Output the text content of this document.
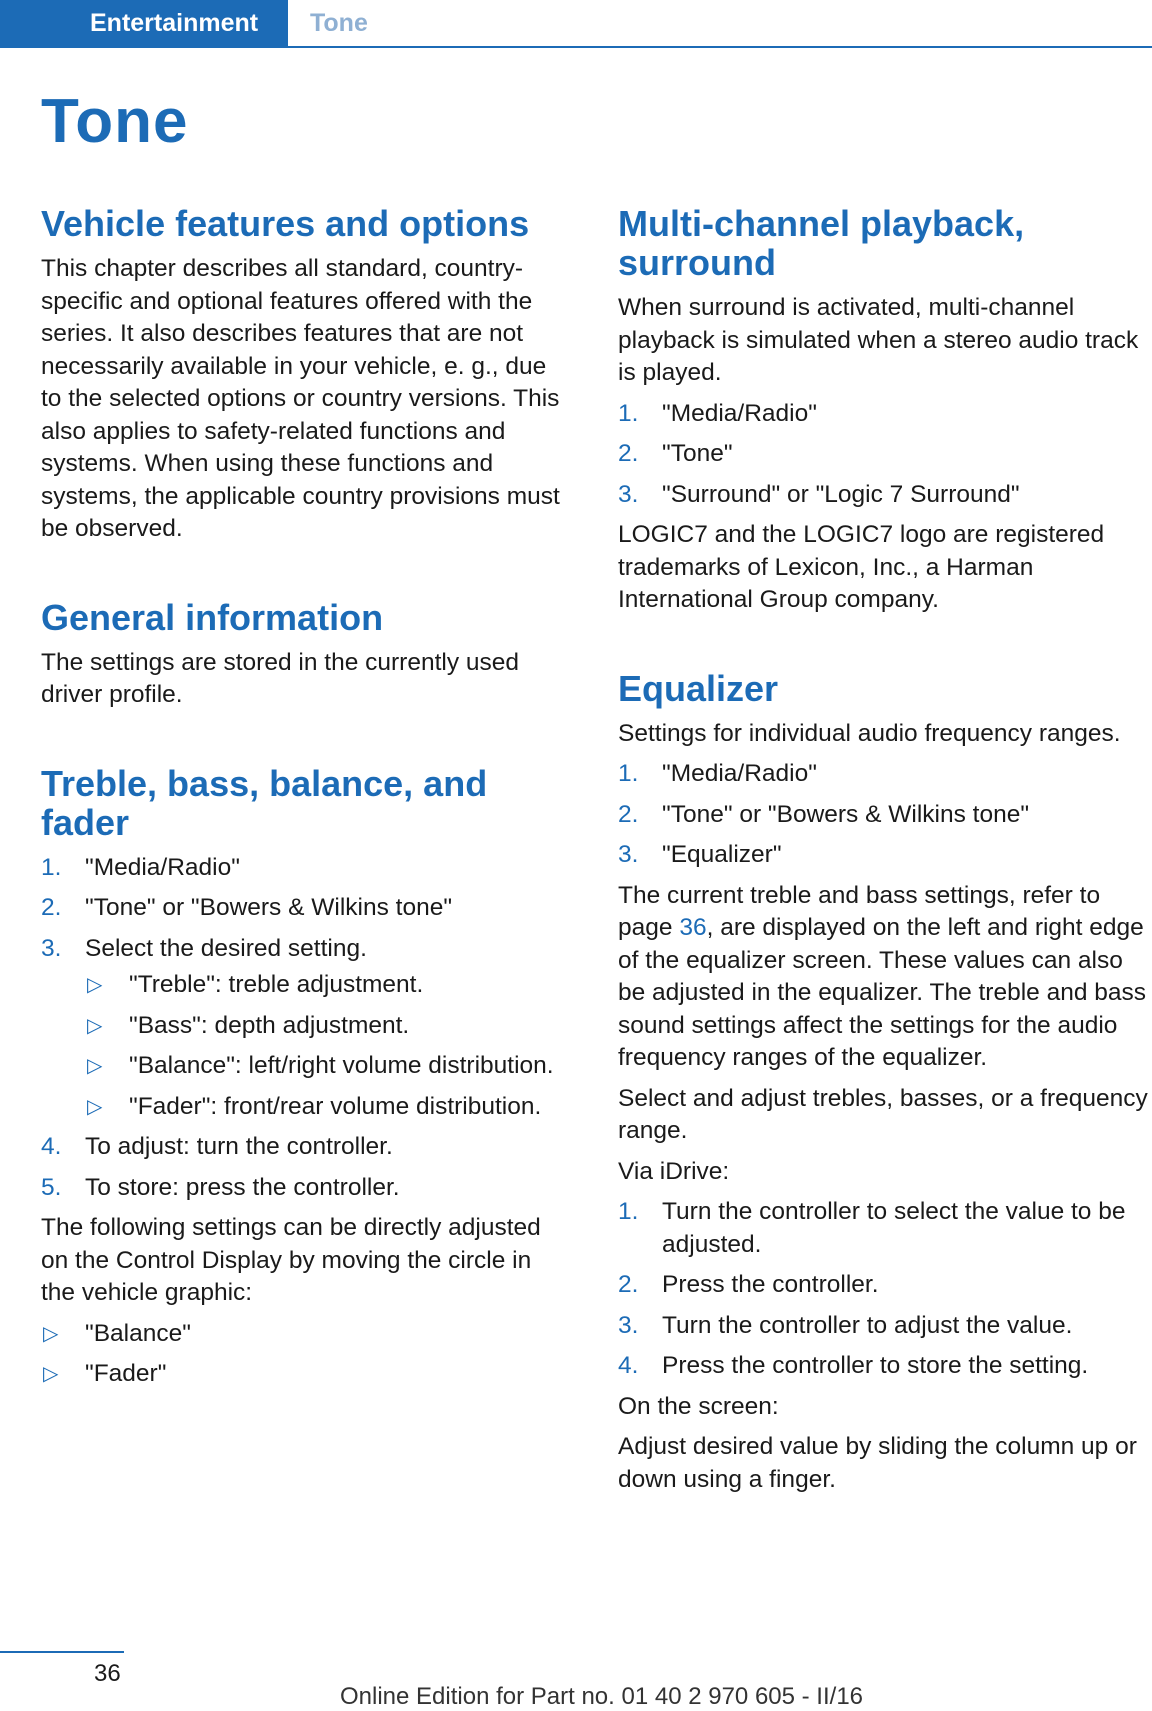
Entertainment	Tone
Tone
Vehicle features and options

This chapter describes all standard, country-specific and optional features offered with the series. It also describes features that are not necessarily available in your vehicle, e. g., due to the selected options or country versions. This also applies to safety-related functions and systems. When using these functions and systems, the applicable country provisions must be observed.

General information

The settings are stored in the currently used driver profile.

Treble, bass, balance, and fader
1. "Media/Radio"
2. "Tone" or "Bowers & Wilkins tone"
3. Select the desired setting.
▷ "Treble": treble adjustment.
▷ "Bass": depth adjustment.
▷ "Balance": left/right volume distribution.
▷ "Fader": front/rear volume distribution.
4. To adjust: turn the controller.
5. To store: press the controller.

The following settings can be directly adjusted on the Control Display by moving the circle in the vehicle graphic:

▷ "Balance"
▷ "Fader"
Multi-channel playback, surround

When surround is activated, multi-channel playback is simulated when a stereo audio track is played.

1. "Media/Radio"
2. "Tone"
3. "Surround" or "Logic 7 Surround"

LOGIC7 and the LOGIC7 logo are registered trademarks of Lexicon, Inc., a Harman International Group company.

Equalizer

Settings for individual audio frequency ranges.

1. "Media/Radio"
2. "Tone" or "Bowers & Wilkins tone"
3. "Equalizer"

The current treble and bass settings, refer to page 36, are displayed on the left and right edge of the equalizer screen. These values can also be adjusted in the equalizer. The treble and bass sound settings affect the settings for the audio frequency ranges of the equalizer.

Select and adjust trebles, basses, or a frequency range.

Via iDrive:

1. Turn the controller to select the value to be adjusted.
2. Press the controller.
3. Turn the controller to adjust the value.
4. Press the controller to store the setting.

On the screen:

Adjust desired value by sliding the column up or down using a finger.

36
Online Edition for Part no. 01 40 2 970 605 - II/16
